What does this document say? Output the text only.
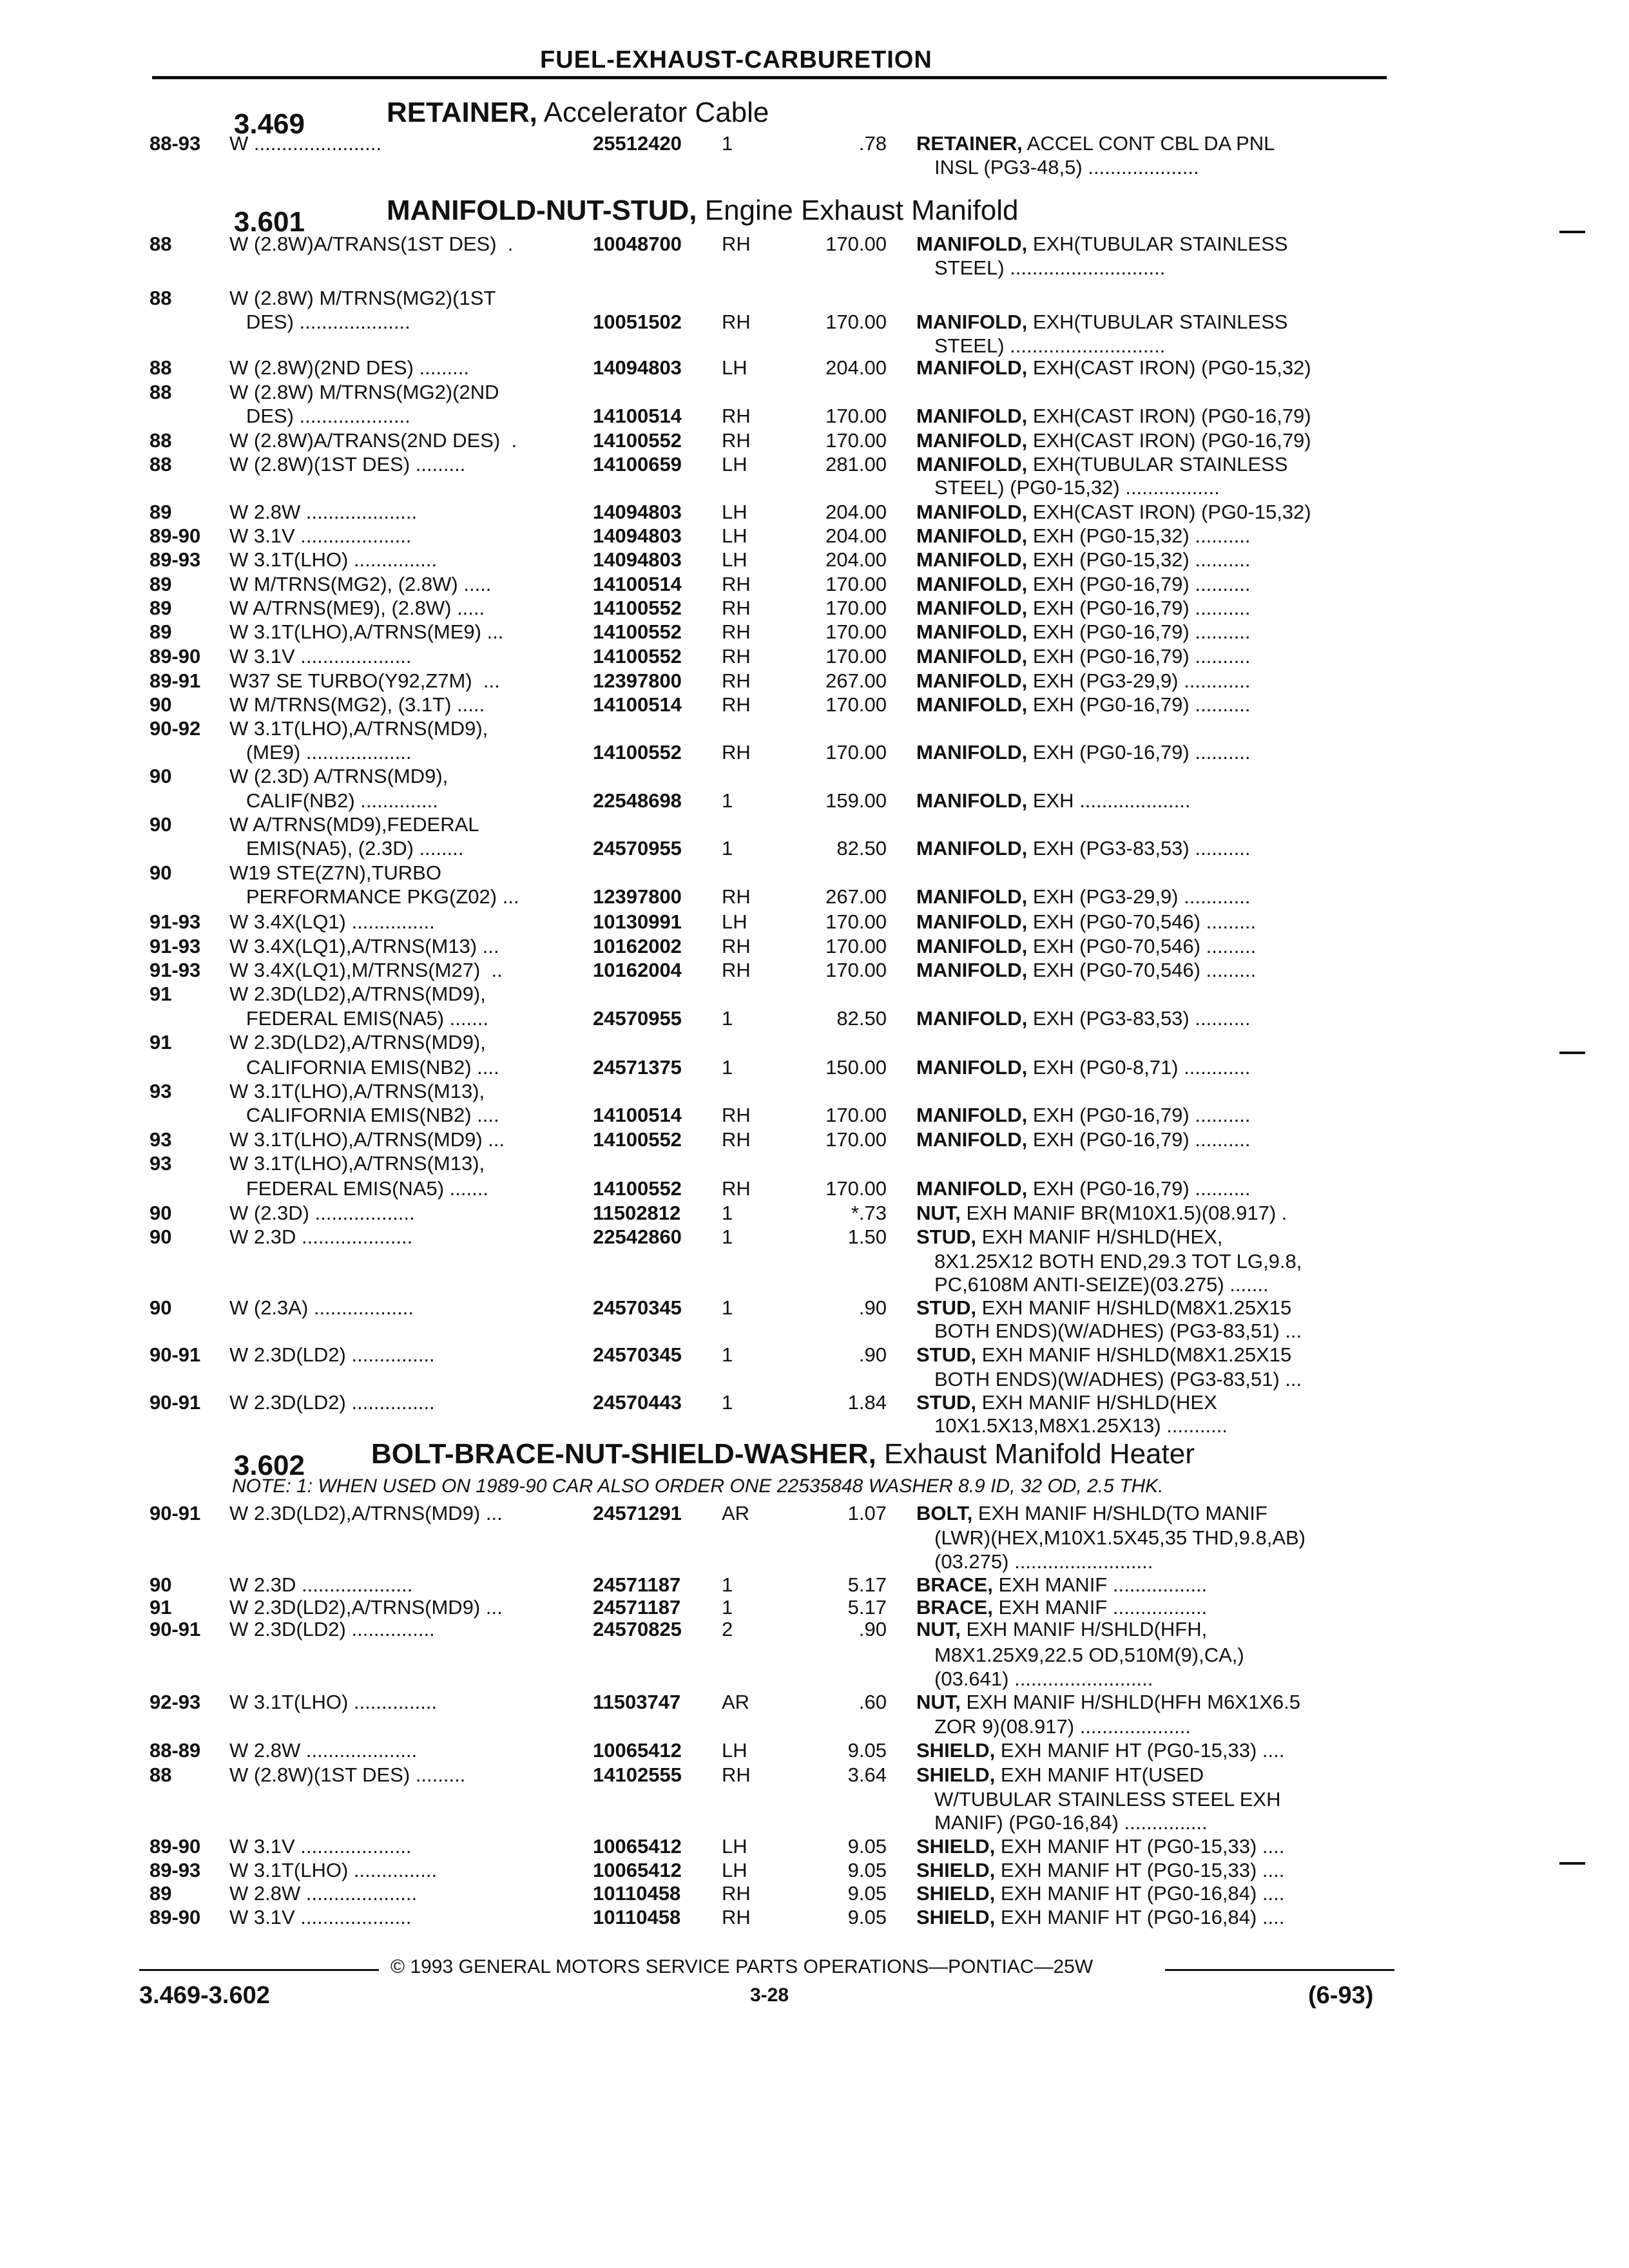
FUEL-EXHAUST-CARBURETION

3.469	RETAINER, Accelerator Cable

3.601	MANIFOLD-NUT-STUD, Engine Exhaust Manifold

3.602 BOLT-BRACE-NUT-SHIELD-WASHER, Exhaust Manifold Heater
NOTE: 1: WHEN USED ON 1989-90 CAR ALSO ORDER ONE 22535848 WASHER 8.9 ID, 32 OD, 2.5 THK.
88-93	W .......................	25512420	1	.78 RETAINER, ACCEL CONT CBL DA PNL
INSL (PG3-48,5) ....................
88	W (2.8W)A/TRANS(1ST DES)  .	10048700	RH	170.00 MANIFOLD, EXH(TUBULAR STAINLESS
STEEL) ............................
88	W (2.8W) M/TRNS(MG2)(1ST
DES) ....................	10051502	RH	170.00 MANIFOLD, EXH(TUBULAR STAINLESS
STEEL) ............................
88	W (2.8W)(2ND DES) .........	14094803	LH	204.00 MANIFOLD, EXH(CAST IRON) (PG0-15,32)
88	W (2.8W) M/TRNS(MG2)(2ND
DES) ....................	14100514	RH	170.00 MANIFOLD, EXH(CAST IRON) (PG0-16,79)
88	W (2.8W)A/TRANS(2ND DES)  .	14100552	RH	170.00 MANIFOLD, EXH(CAST IRON) (PG0-16,79)
88	W (2.8W)(1ST DES) .........	14100659	LH	281.00 MANIFOLD, EXH(TUBULAR STAINLESS
STEEL) (PG0-15,32) .................
89	W 2.8W ....................	14094803	LH	204.00 MANIFOLD, EXH(CAST IRON) (PG0-15,32)
89-90	W 3.1V ....................	14094803	LH	204.00 MANIFOLD, EXH (PG0-15,32) ..........
89-93	W 3.1T(LHO) ...............	14094803	LH	204.00 MANIFOLD, EXH (PG0-15,32) ..........
89	W M/TRNS(MG2), (2.8W) .....	14100514	RH	170.00 MANIFOLD, EXH (PG0-16,79) ..........
89	W A/TRNS(ME9), (2.8W) .....	14100552	RH	170.00 MANIFOLD, EXH (PG0-16,79) ..........
89	W 3.1T(LHO),A/TRNS(ME9) ...	14100552	RH	170.00 MANIFOLD, EXH (PG0-16,79) ..........
89-90	W 3.1V ....................	14100552	RH	170.00 MANIFOLD, EXH (PG0-16,79) ..........
89-91	W37 SE TURBO(Y92,Z7M)  ...	12397800	RH	267.00 MANIFOLD, EXH (PG3-29,9) ............
90	W M/TRNS(MG2), (3.1T) .....	14100514	RH	170.00 MANIFOLD, EXH (PG0-16,79) ..........
90-92	W 3.1T(LHO),A/TRNS(MD9),
(ME9) ...................	14100552	RH	170.00 MANIFOLD, EXH (PG0-16,79) ..........
90	W (2.3D) A/TRNS(MD9),
CALIF(NB2) ..............	22548698	1	159.00 MANIFOLD, EXH ....................
90	W A/TRNS(MD9),FEDERAL
EMIS(NA5), (2.3D) ........	24570955	1	82.50 MANIFOLD, EXH (PG3-83,53) ..........
90	W19 STE(Z7N),TURBO
PERFORMANCE PKG(Z02) ...	12397800	RH	267.00 MANIFOLD, EXH (PG3-29,9) ............
91-93	W 3.4X(LQ1) ...............	10130991	LH	170.00 MANIFOLD, EXH (PG0-70,546) .........
91-93	W 3.4X(LQ1),A/TRNS(M13) ...	10162002	RH	170.00 MANIFOLD, EXH (PG0-70,546) .........
91-93	W 3.4X(LQ1),M/TRNS(M27)  ..	10162004	RH	170.00 MANIFOLD, EXH (PG0-70,546) .........
91	W 2.3D(LD2),A/TRNS(MD9),
FEDERAL EMIS(NA5) .......	24570955	1	82.50 MANIFOLD, EXH (PG3-83,53) ..........
91	W 2.3D(LD2),A/TRNS(MD9),
CALIFORNIA EMIS(NB2) ....	24571375	1	150.00 MANIFOLD, EXH (PG0-8,71) ............
93	W 3.1T(LHO),A/TRNS(M13),
CALIFORNIA EMIS(NB2) ....	14100514	RH	170.00 MANIFOLD, EXH (PG0-16,79) ..........
93	W 3.1T(LHO),A/TRNS(MD9) ...	14100552	RH	170.00 MANIFOLD, EXH (PG0-16,79) ..........
93	W 3.1T(LHO),A/TRNS(M13),
FEDERAL EMIS(NA5) .......	14100552	RH	170.00 MANIFOLD, EXH (PG0-16,79) ..........
90	W (2.3D) ..................	11502812	1	*.73 NUT, EXH MANIF BR(M10X1.5)(08.917) .
90	W 2.3D ....................	22542860	1	1.50 STUD, EXH MANIF H/SHLD(HEX,
8X1.25X12 BOTH END,29.3 TOT LG,9.8,
PC,6108M ANTI-SEIZE)(03.275) .......
90	W (2.3A) ..................	24570345	1	.90 STUD, EXH MANIF H/SHLD(M8X1.25X15
BOTH ENDS)(W/ADHES) (PG3-83,51) ...
90-91	W 2.3D(LD2) ...............	24570345	1	.90 STUD, EXH MANIF H/SHLD(M8X1.25X15
BOTH ENDS)(W/ADHES) (PG3-83,51) ...
90-91	W 2.3D(LD2) ...............	24570443	1	1.84 STUD, EXH MANIF H/SHLD(HEX
10X1.5X13,M8X1.25X13) ...........
90-91	W 2.3D(LD2),A/TRNS(MD9) ...	24571291	AR	1.07 BOLT, EXH MANIF H/SHLD(TO MANIF
(LWR)(HEX,M10X1.5X45,35 THD,9.8,AB)
(03.275) .........................
90	W 2.3D ....................	24571187	1	5.17 BRACE, EXH MANIF .................
91	W 2.3D(LD2),A/TRNS(MD9) ...	24571187	1	5.17 BRACE, EXH MANIF .................
90-91	W 2.3D(LD2) ...............	24570825	2	.90 NUT, EXH MANIF H/SHLD(HFH,
M8X1.25X9,22.5 OD,510M(9),CA,)
(03.641) .........................
92-93	W 3.1T(LHO) ...............	11503747	AR	.60 NUT, EXH MANIF H/SHLD(HFH M6X1X6.5
ZOR 9)(08.917) ....................
88-89	W 2.8W ....................	10065412	LH	9.05 SHIELD, EXH MANIF HT (PG0-15,33) ....
88	W (2.8W)(1ST DES) .........	14102555	RH	3.64 SHIELD, EXH MANIF HT(USED
W/TUBULAR STAINLESS STEEL EXH
MANIF) (PG0-16,84) ...............
89-90	W 3.1V ....................	10065412	LH	9.05 SHIELD, EXH MANIF HT (PG0-15,33) ....
89-93	W 3.1T(LHO) ...............	10065412	LH	9.05 SHIELD, EXH MANIF HT (PG0-15,33) ....
89	W 2.8W ....................	10110458	RH	9.05 SHIELD, EXH MANIF HT (PG0-16,84) ....
89-90	W 3.1V ....................	10110458	RH	9.05 SHIELD, EXH MANIF HT (PG0-16,84) ....
© 1993 GENERAL MOTORS SERVICE PARTS OPERATIONS—PONTIAC—25W
3.469-3.602	3-28	(6-93)
